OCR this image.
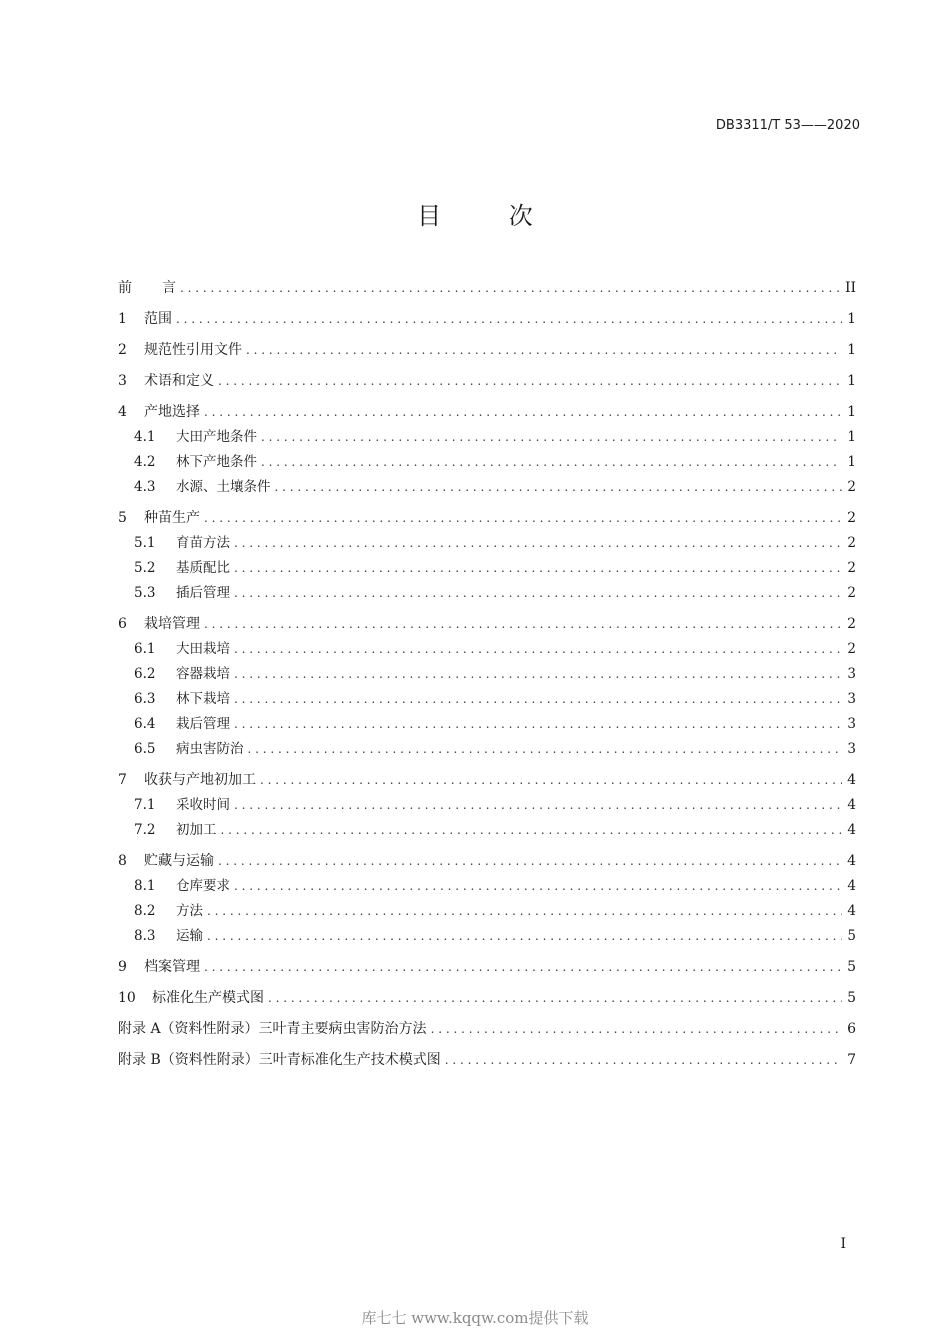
DB3311/T 53——2020
目 次
前	言 . . .	II
1	范围 . . .	1
2	规范性引用文件 . . .	1
3	术语和定义 . . .	1
4	产地选择 . . .	1
4.1	大田产地条件 . . .	1
4.2	林下产地条件 . . .	1
4.3	水源、土壤条件 . . .	2
5	种苗生产 . . .	2
5.1	育苗方法 . . .	2
5.2	基质配比 . . .	2
5.3	插后管理 . . .	2
6	栽培管理 . . .	2
6.1	大田栽培 . . .	2
6.2	容器栽培 . . .	3
6.3	林下栽培 . . .	3
6.4	栽后管理 . . .	3
6.5	病虫害防治 . . .	3
7	收获与产地初加工 . . .	4
7.1	采收时间 . . .	4
7.2	初加工 . . .	4
8	贮藏与运输 . . .	4
8.1	仓库要求 . . .	4
8.2	方法 . . .	4
8.3	运输 . . .	5
9	档案管理 . . .	5
10	标准化生产模式图 . . .	5
附录 A（资料性附录）三叶青主要病虫害防治方法 . . .	6
附录 B（资料性附录）三叶青标准化生产技术模式图 . . .	7
I
库七七 www.kqqw.com提供下载
